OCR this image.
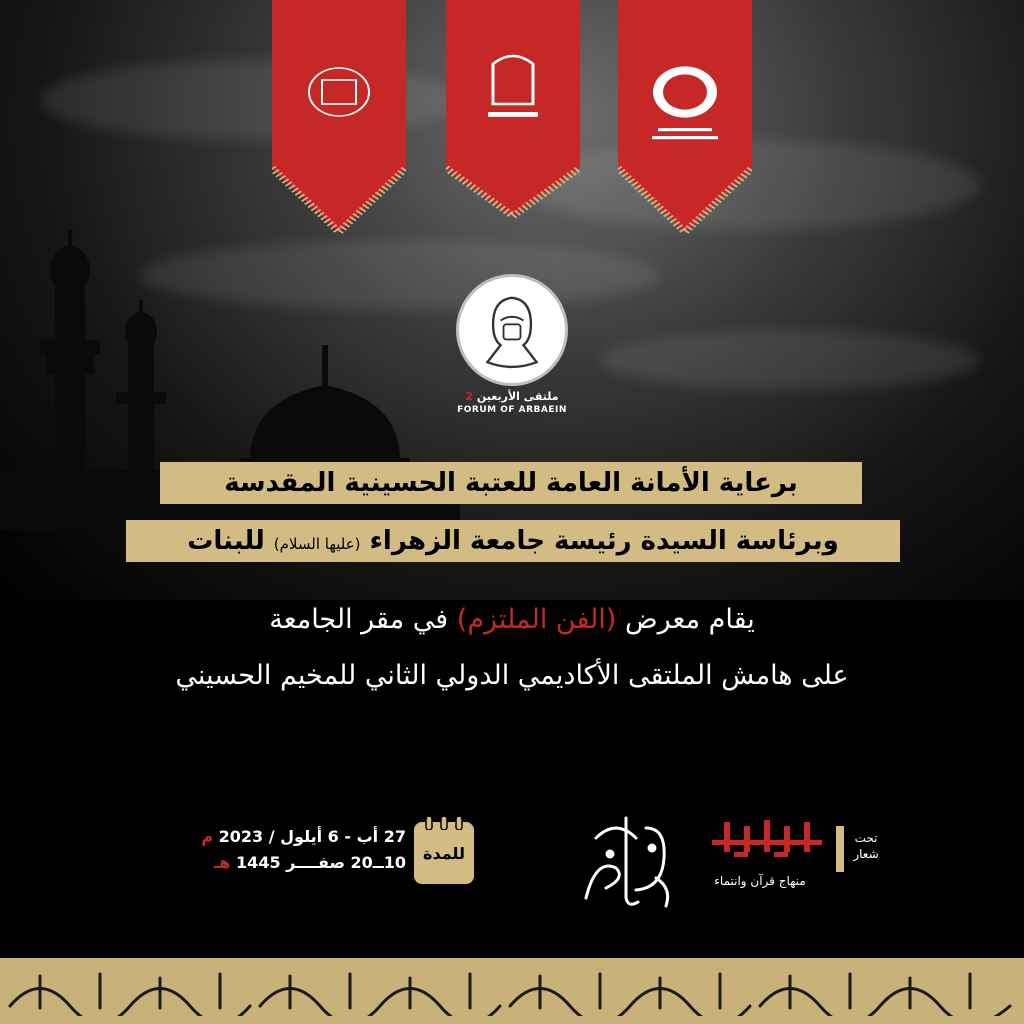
ملتقى الأربعين 2
FORUM OF ARBAEIN
برعاية الأمانة العامة للعتبة الحسينية المقدسة
وبرئاسة السيدة رئيسة جامعة الزهراء (عليها السلام) للبنات
يقام معرض (الفن الملتزم) في مقر الجامعة
على هامش الملتقى الأكاديمي الدولي الثاني للمخيم الحسيني
للمدة
27 أب - 6 أيلول / 2023 م
10ــ20 صفــــر 1445 هـ
منهاج قرآن وانتماء
تحت شعار
